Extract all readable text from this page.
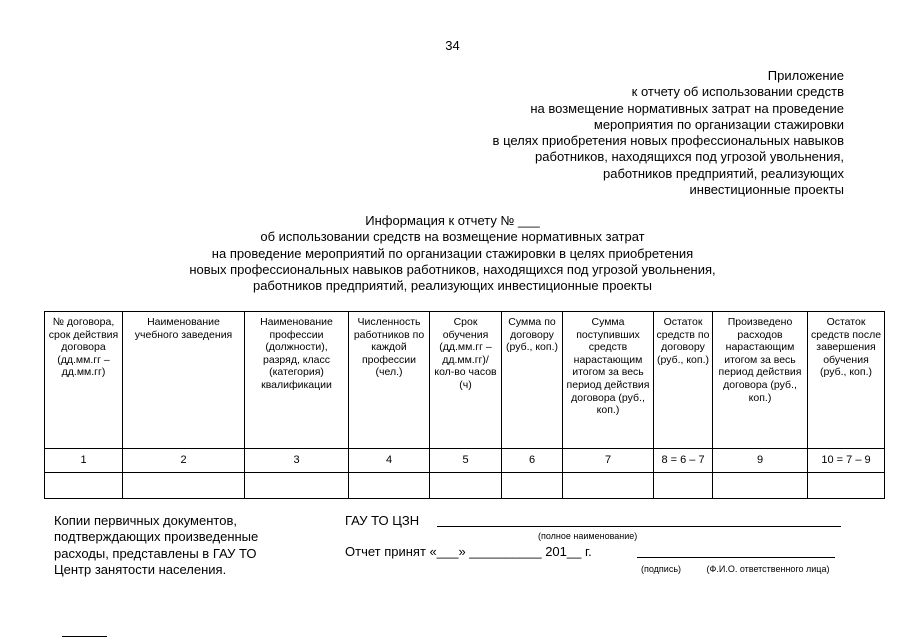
34
Приложение
к отчету об использовании средств
на возмещение нормативных затрат на проведение
мероприятия по организации стажировки
в целях приобретения новых профессиональных навыков
работников, находящихся под угрозой увольнения,
работников предприятий, реализующих
инвестиционные проекты
Информация к отчету № ___
об использовании средств на возмещение нормативных затрат
на проведение мероприятий по организации стажировки в целях приобретения
новых профессиональных навыков работников, находящихся под угрозой увольнения,
работников предприятий, реализующих инвестиционные проекты
№ договора, срок действия договора (дд.мм.гг – дд.мм.гг)	Наименование учебного заведения	Наименование профессии (должности), разряд, класс (категория) квалификации	Численность работников по каждой профессии (чел.)	Срок обучения (дд.мм.гг – дд.мм.гг)/ кол-во часов (ч)	Сумма по договору (руб., коп.)	Сумма поступивших средств нарастающим итогом за весь период действия договора (руб., коп.)	Остаток средств по договору (руб., коп.)	Произведено расходов нарастающим итогом за весь период действия договора (руб., коп.)	Остаток средств после завершения обучения (руб., коп.)
1	2	3	4	5	6	7	8 = 6 – 7	9	10 = 7 – 9

Копии первичных документов,
подтверждающих произведенные
расходы, представлены в ГАУ ТО
Центр занятости населения.
ГАУ ТО ЦЗН
(полное наименование)
Отчет принят «___» __________ 201__ г.
(подпись)	(Ф.И.О. ответственного лица)
